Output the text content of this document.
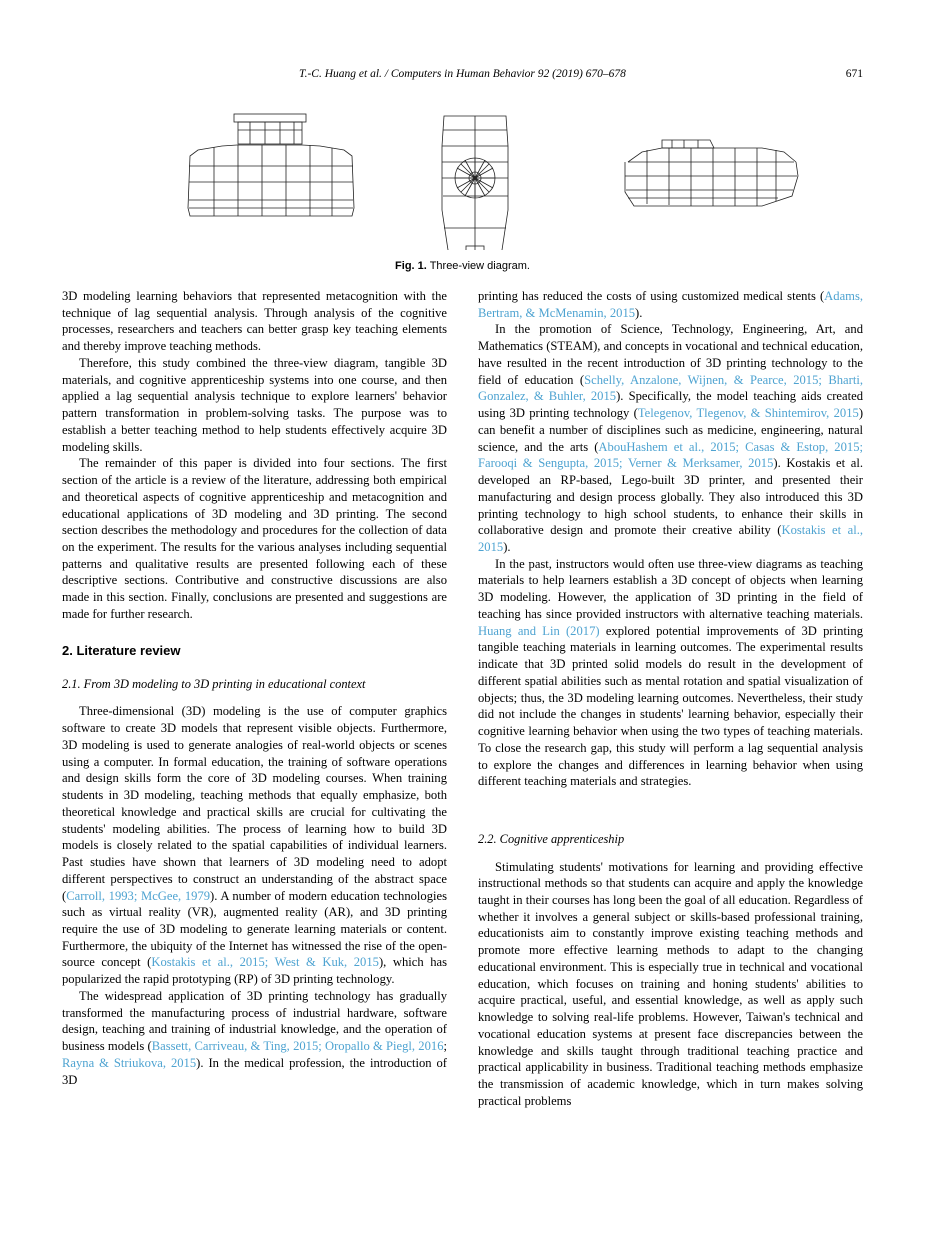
T.-C. Huang et al. / Computers in Human Behavior 92 (2019) 670–678	671
Fig. 1. Three-view diagram.

3D modeling learning behaviors that represented metacognition with the technique of lag sequential analysis. Through analysis of the cognitive processes, researchers and teachers can better grasp key teaching elements and thereby improve teaching methods.

Therefore, this study combined the three-view diagram, tangible 3D materials, and cognitive apprenticeship systems into one course, and then applied a lag sequential analysis technique to explore learners' behavior pattern transformation in problem-solving tasks. The purpose was to establish a better teaching method to help students effectively acquire 3D modeling skills.

The remainder of this paper is divided into four sections. The first section of the article is a review of the literature, addressing both empirical and theoretical aspects of cognitive apprenticeship and metacognition and educational applications of 3D modeling and 3D printing. The second section describes the methodology and procedures for the collection of data on the experiment. The results for the various analyses including sequential patterns and qualitative results are presented following each of these descriptive sections. Contributive and constructive discussions are also made in this section. Finally, conclusions are presented and suggestions are made for further research.

2. Literature review
2.1. From 3D modeling to 3D printing in educational context

Three-dimensional (3D) modeling is the use of computer graphics software to create 3D models that represent visible objects. Furthermore, 3D modeling is used to generate analogies of real-world objects or scenes using a computer. In formal education, the training of software operations and design skills form the core of 3D modeling courses. When training students in 3D modeling, teaching methods that equally emphasize, both theoretical knowledge and practical skills are crucial for cultivating the students' modeling abilities. The process of learning how to build 3D models is closely related to the spatial capabilities of individual learners. Past studies have shown that learners of 3D modeling need to adopt different perspectives to construct an understanding of the abstract space (Carroll, 1993; McGee, 1979). A number of modern education technologies such as virtual reality (VR), augmented reality (AR), and 3D printing require the use of 3D modeling to generate learning materials or content. Furthermore, the ubiquity of the Internet has witnessed the rise of the open-source concept (Kostakis et al., 2015; West & Kuk, 2015), which has popularized the rapid prototyping (RP) of 3D printing technology.

The widespread application of 3D printing technology has gradually transformed the manufacturing process of industrial hardware, software design, teaching and training of industrial knowledge, and the operation of business models (Bassett, Carriveau, & Ting, 2015; Oropallo & Piegl, 2016; Rayna & Striukova, 2015). In the medical profession, the introduction of 3D

printing has reduced the costs of using customized medical stents (Adams, Bertram, & McMenamin, 2015).

In the promotion of Science, Technology, Engineering, Art, and Mathematics (STEAM), and concepts in vocational and technical education, have resulted in the recent introduction of 3D printing technology to the field of education (Schelly, Anzalone, Wijnen, & Pearce, 2015; Bharti, Gonzalez, & Buhler, 2015). Specifically, the model teaching aids created using 3D printing technology (Telegenov, Tlegenov, & Shintemirov, 2015) can benefit a number of disciplines such as medicine, engineering, natural science, and the arts (AbouHashem et al., 2015; Casas & Estop, 2015; Farooqi & Sengupta, 2015; Verner & Merksamer, 2015). Kostakis et al. developed an RP-based, Lego-built 3D printer, and presented their manufacturing and design process globally. They also introduced this 3D printing technology to high school students, to enhance their skills in collaborative design and promote their creative ability (Kostakis et al., 2015).

In the past, instructors would often use three-view diagrams as teaching materials to help learners establish a 3D concept of objects when learning 3D modeling. However, the application of 3D printing in the field of teaching has since provided instructors with alternative teaching materials. Huang and Lin (2017) explored potential improvements of 3D printing tangible teaching materials in learning outcomes. The experimental results indicate that 3D printed solid models do result in the development of different spatial abilities such as mental rotation and spatial visualization of objects; thus, the 3D modeling learning outcomes. Nevertheless, their study did not include the changes in students' learning behavior, especially their cognitive learning behavior when using the two types of teaching materials. To close the research gap, this study will perform a lag sequential analysis to explore the changes and differences in learning behavior when using different teaching materials and strategies.

2.2. Cognitive apprenticeship

Stimulating students' motivations for learning and providing effective instructional methods so that students can acquire and apply the knowledge taught in their courses has long been the goal of all education. Regardless of whether it involves a general subject or skills-based professional training, educationists aim to constantly improve existing teaching methods and promote more effective learning methods to adapt to the changing educational environment. This is especially true in technical and vocational education, which focuses on training and honing students' abilities to acquire practical, useful, and essential knowledge, as well as apply such knowledge to solving real-life problems. However, Taiwan's technical and vocational education systems at present face discrepancies between the knowledge and skills taught through traditional teaching practice and practical applicability in business. Traditional teaching methods emphasize the transmission of academic knowledge, which in turn makes solving practical problems
